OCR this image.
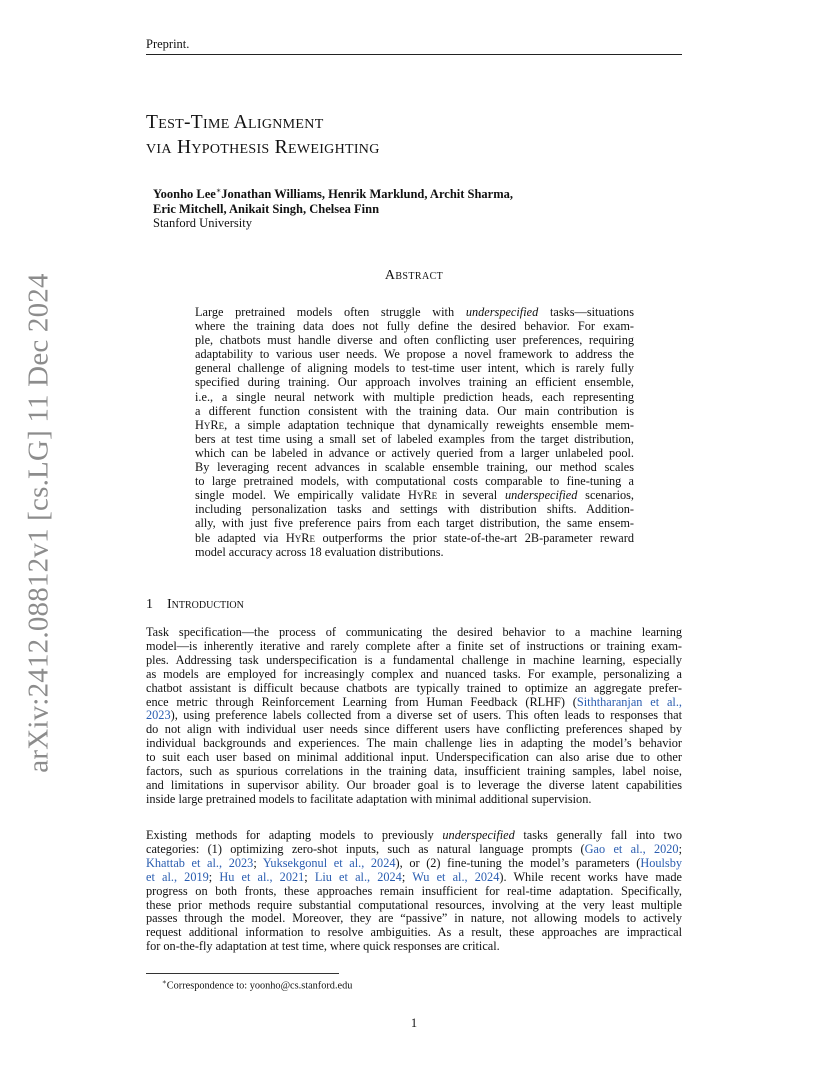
Preprint.
arXiv:2412.08812v1 [cs.LG] 11 Dec 2024
Test-Time Alignment
via Hypothesis Reweighting
Yoonho Lee∗Jonathan Williams, Henrik Marklund, Archit Sharma,
Eric Mitchell, Anikait Singh, Chelsea Finn
Stanford University
Abstract
Large pretrained models often struggle with underspecified tasks—situations
where the training data does not fully define the desired behavior. For exam-
ple, chatbots must handle diverse and often conflicting user preferences, requiring
adaptability to various user needs. We propose a novel framework to address the
general challenge of aligning models to test-time user intent, which is rarely fully
specified during training. Our approach involves training an efficient ensemble,
i.e., a single neural network with multiple prediction heads, each representing
a different function consistent with the training data. Our main contribution is
HyRe, a simple adaptation technique that dynamically reweights ensemble mem-
bers at test time using a small set of labeled examples from the target distribution,
which can be labeled in advance or actively queried from a larger unlabeled pool.
By leveraging recent advances in scalable ensemble training, our method scales
to large pretrained models, with computational costs comparable to fine-tuning a
single model. We empirically validate HyRe in several underspecified scenarios,
including personalization tasks and settings with distribution shifts. Addition-
ally, with just five preference pairs from each target distribution, the same ensem-
ble adapted via HyRe outperforms the prior state-of-the-art 2B-parameter reward
model accuracy across 18 evaluation distributions.
1 Introduction
Task specification—the process of communicating the desired behavior to a machine learning
model—is inherently iterative and rarely complete after a finite set of instructions or training exam-
ples. Addressing task underspecification is a fundamental challenge in machine learning, especially
as models are employed for increasingly complex and nuanced tasks. For example, personalizing a
chatbot assistant is difficult because chatbots are typically trained to optimize an aggregate prefer-
ence metric through Reinforcement Learning from Human Feedback (RLHF) (Siththaranjan et al.,
2023), using preference labels collected from a diverse set of users. This often leads to responses that
do not align with individual user needs since different users have conflicting preferences shaped by
individual backgrounds and experiences. The main challenge lies in adapting the model’s behavior
to suit each user based on minimal additional input. Underspecification can also arise due to other
factors, such as spurious correlations in the training data, insufficient training samples, label noise,
and limitations in supervisor ability. Our broader goal is to leverage the diverse latent capabilities
inside large pretrained models to facilitate adaptation with minimal additional supervision.
Existing methods for adapting models to previously underspecified tasks generally fall into two
categories: (1) optimizing zero-shot inputs, such as natural language prompts (Gao et al., 2020;
Khattab et al., 2023; Yuksekgonul et al., 2024), or (2) fine-tuning the model’s parameters (Houlsby
et al., 2019; Hu et al., 2021; Liu et al., 2024; Wu et al., 2024). While recent works have made
progress on both fronts, these approaches remain insufficient for real-time adaptation. Specifically,
these prior methods require substantial computational resources, involving at the very least multiple
passes through the model. Moreover, they are “passive” in nature, not allowing models to actively
request additional information to resolve ambiguities. As a result, these approaches are impractical
for on-the-fly adaptation at test time, where quick responses are critical.
∗Correspondence to: yoonho@cs.stanford.edu
1
